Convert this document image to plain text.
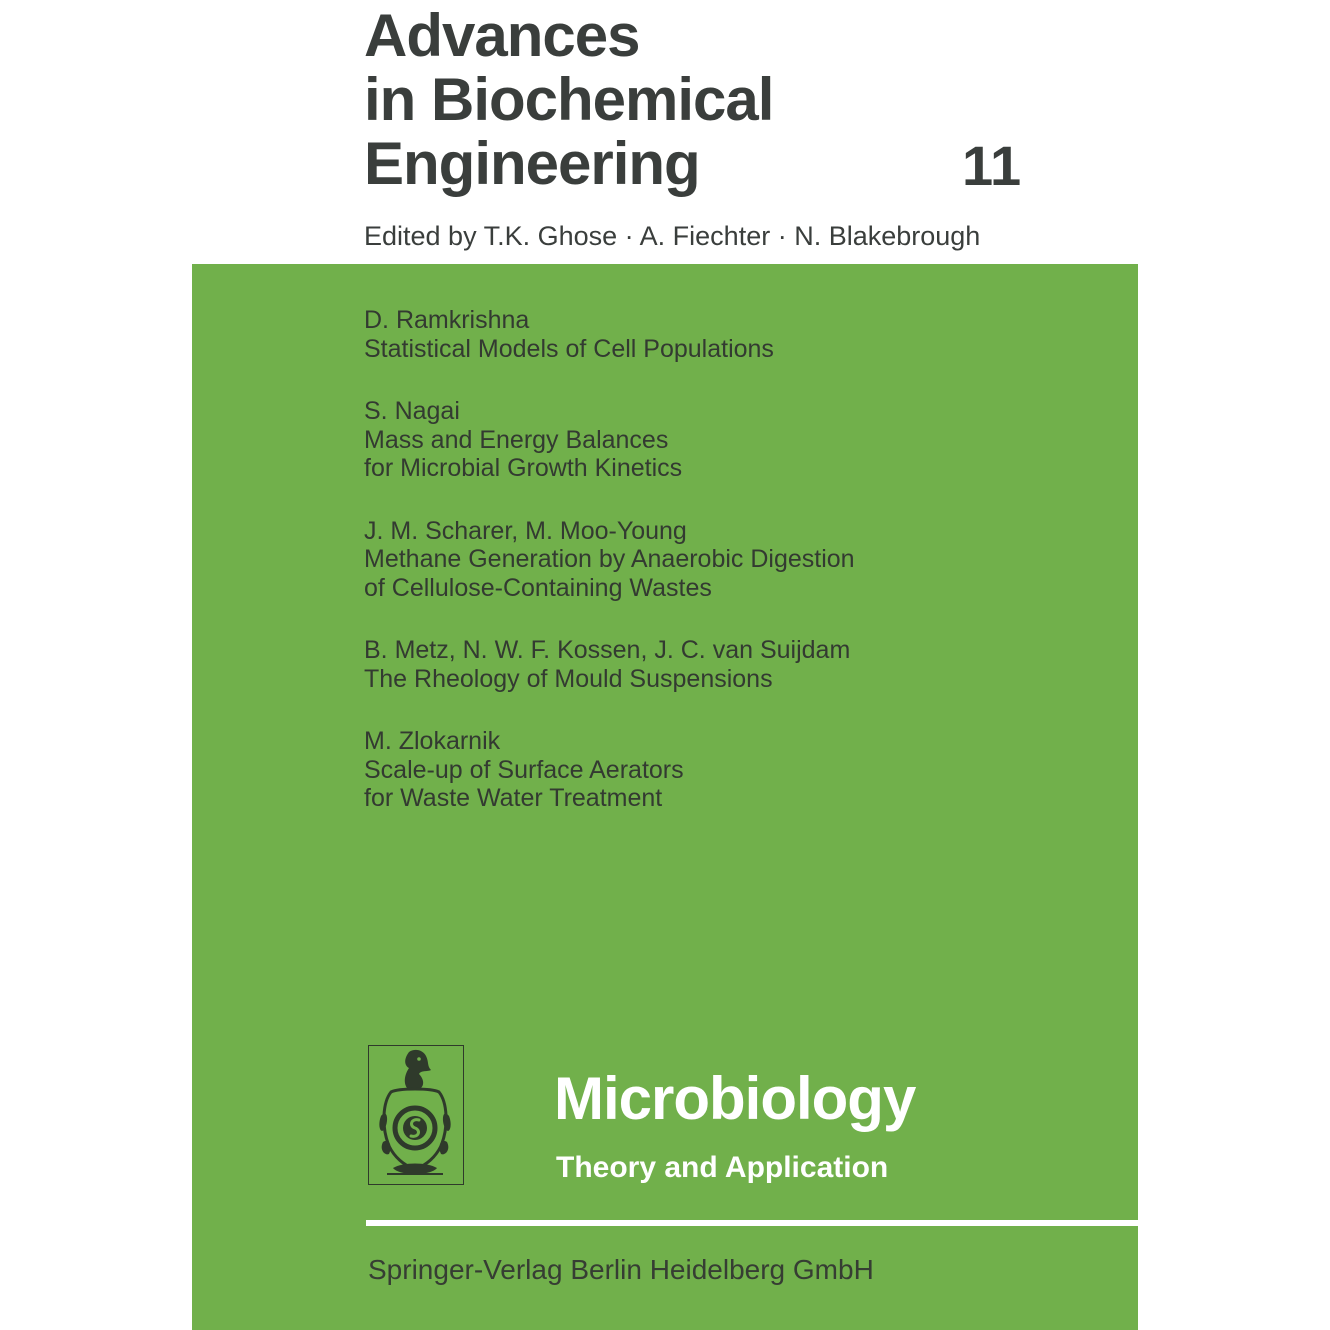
Advances
in Biochemical
Engineering	11
Edited by T.K. Ghose · A. Fiechter · N. Blakebrough
D. Ramkrishna
Statistical Models of Cell Populations
S. Nagai
Mass and Energy Balances
for Microbial Growth Kinetics
J. M. Scharer, M. Moo-Young
Methane Generation by Anaerobic Digestion
of Cellulose-Containing Wastes
B. Metz, N. W. F. Kossen, J. C. van Suijdam
The Rheology of Mould Suspensions
M. Zlokarnik
Scale-up of Surface Aerators
for Waste Water Treatment
Microbiology
Theory and Application
Springer-Verlag Berlin Heidelberg GmbH
